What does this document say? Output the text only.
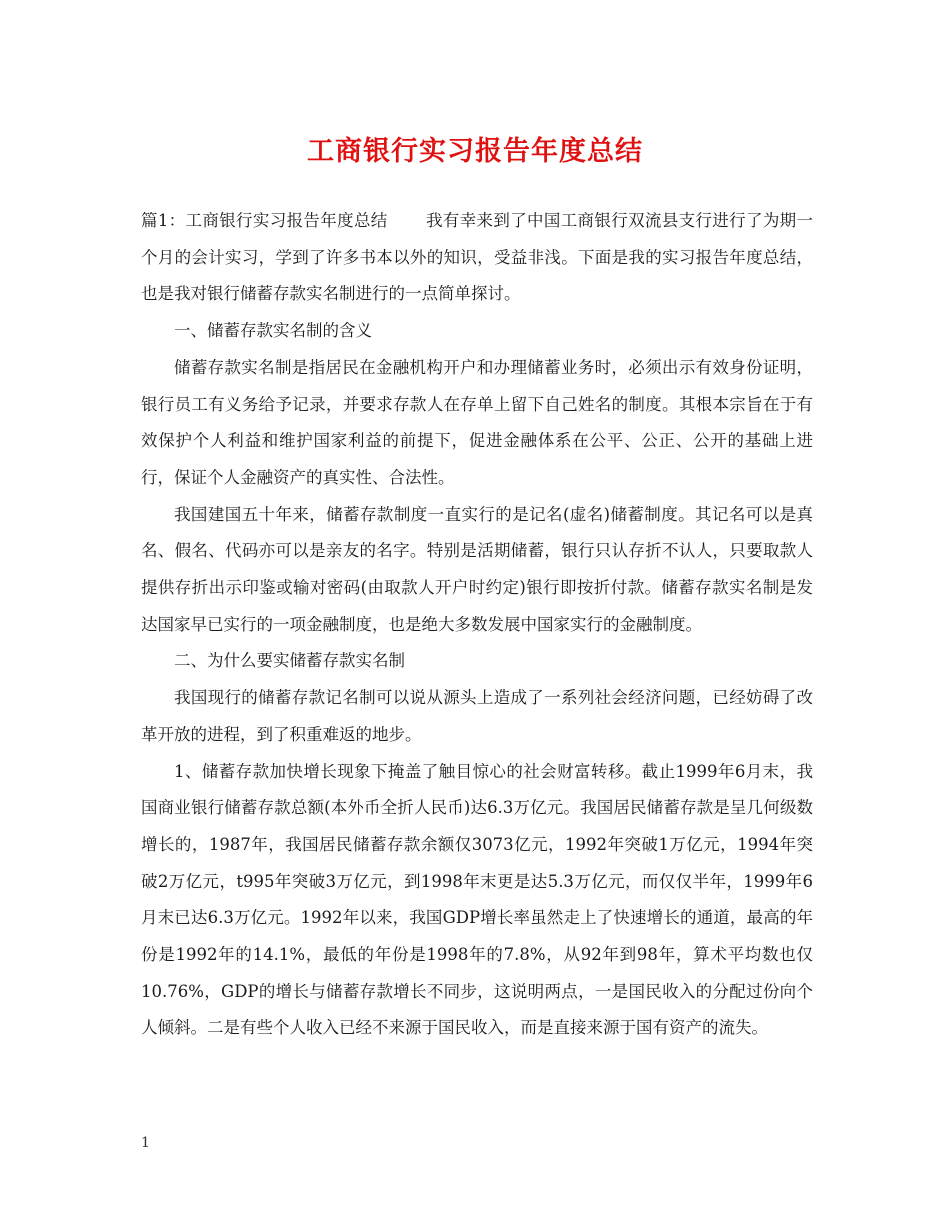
工商银行实习报告年度总结

篇1：工商银行实习报告年度总结 我有幸来到了中国工商银行双流县支行进行了为期一个月的会计实习，学到了许多书本以外的知识，受益非浅。下面是我的实习报告年度总结，也是我对银行储蓄存款实名制进行的一点简单探讨。

一、储蓄存款实名制的含义

储蓄存款实名制是指居民在金融机构开户和办理储蓄业务时，必须出示有效身份证明，银行员工有义务给予记录，并要求存款人在存单上留下自己姓名的制度。其根本宗旨在于有效保护个人利益和维护国家利益的前提下，促进金融体系在公平、公正、公开的基础上进行，保证个人金融资产的真实性、合法性。

我国建国五十年来，储蓄存款制度一直实行的是记名(虚名)储蓄制度。其记名可以是真名、假名、代码亦可以是亲友的名字。特别是活期储蓄，银行只认存折不认人，只要取款人提供存折出示印鉴或输对密码(由取款人开户时约定)银行即按折付款。储蓄存款实名制是发达国家早已实行的一项金融制度，也是绝大多数发展中国家实行的金融制度。

二、为什么要实储蓄存款实名制

我国现行的储蓄存款记名制可以说从源头上造成了一系列社会经济问题，已经妨碍了改革开放的进程，到了积重难返的地步。

1、储蓄存款加快增长现象下掩盖了触目惊心的社会财富转移。截止1999年6月末，我国商业银行储蓄存款总额(本外币全折人民币)达6.3万亿元。我国居民储蓄存款是呈几何级数增长的，1987年，我国居民储蓄存款余额仅3073亿元，1992年突破1万亿元，1994年突破2万亿元，t995年突破3万亿元，到1998年末更是达5.3万亿元，而仅仅半年，1999年6月末已达6.3万亿元。1992年以来，我国GDP增长率虽然走上了快速增长的通道，最高的年份是1992年的14.1%，最低的年份是1998年的7.8%，从92年到98年，算术平均数也仅10.76%，GDP的增长与储蓄存款增长不同步，这说明两点，一是国民收入的分配过份向个人倾斜。二是有些个人收入已经不来源于国民收入，而是直接来源于国有资产的流失。

1
